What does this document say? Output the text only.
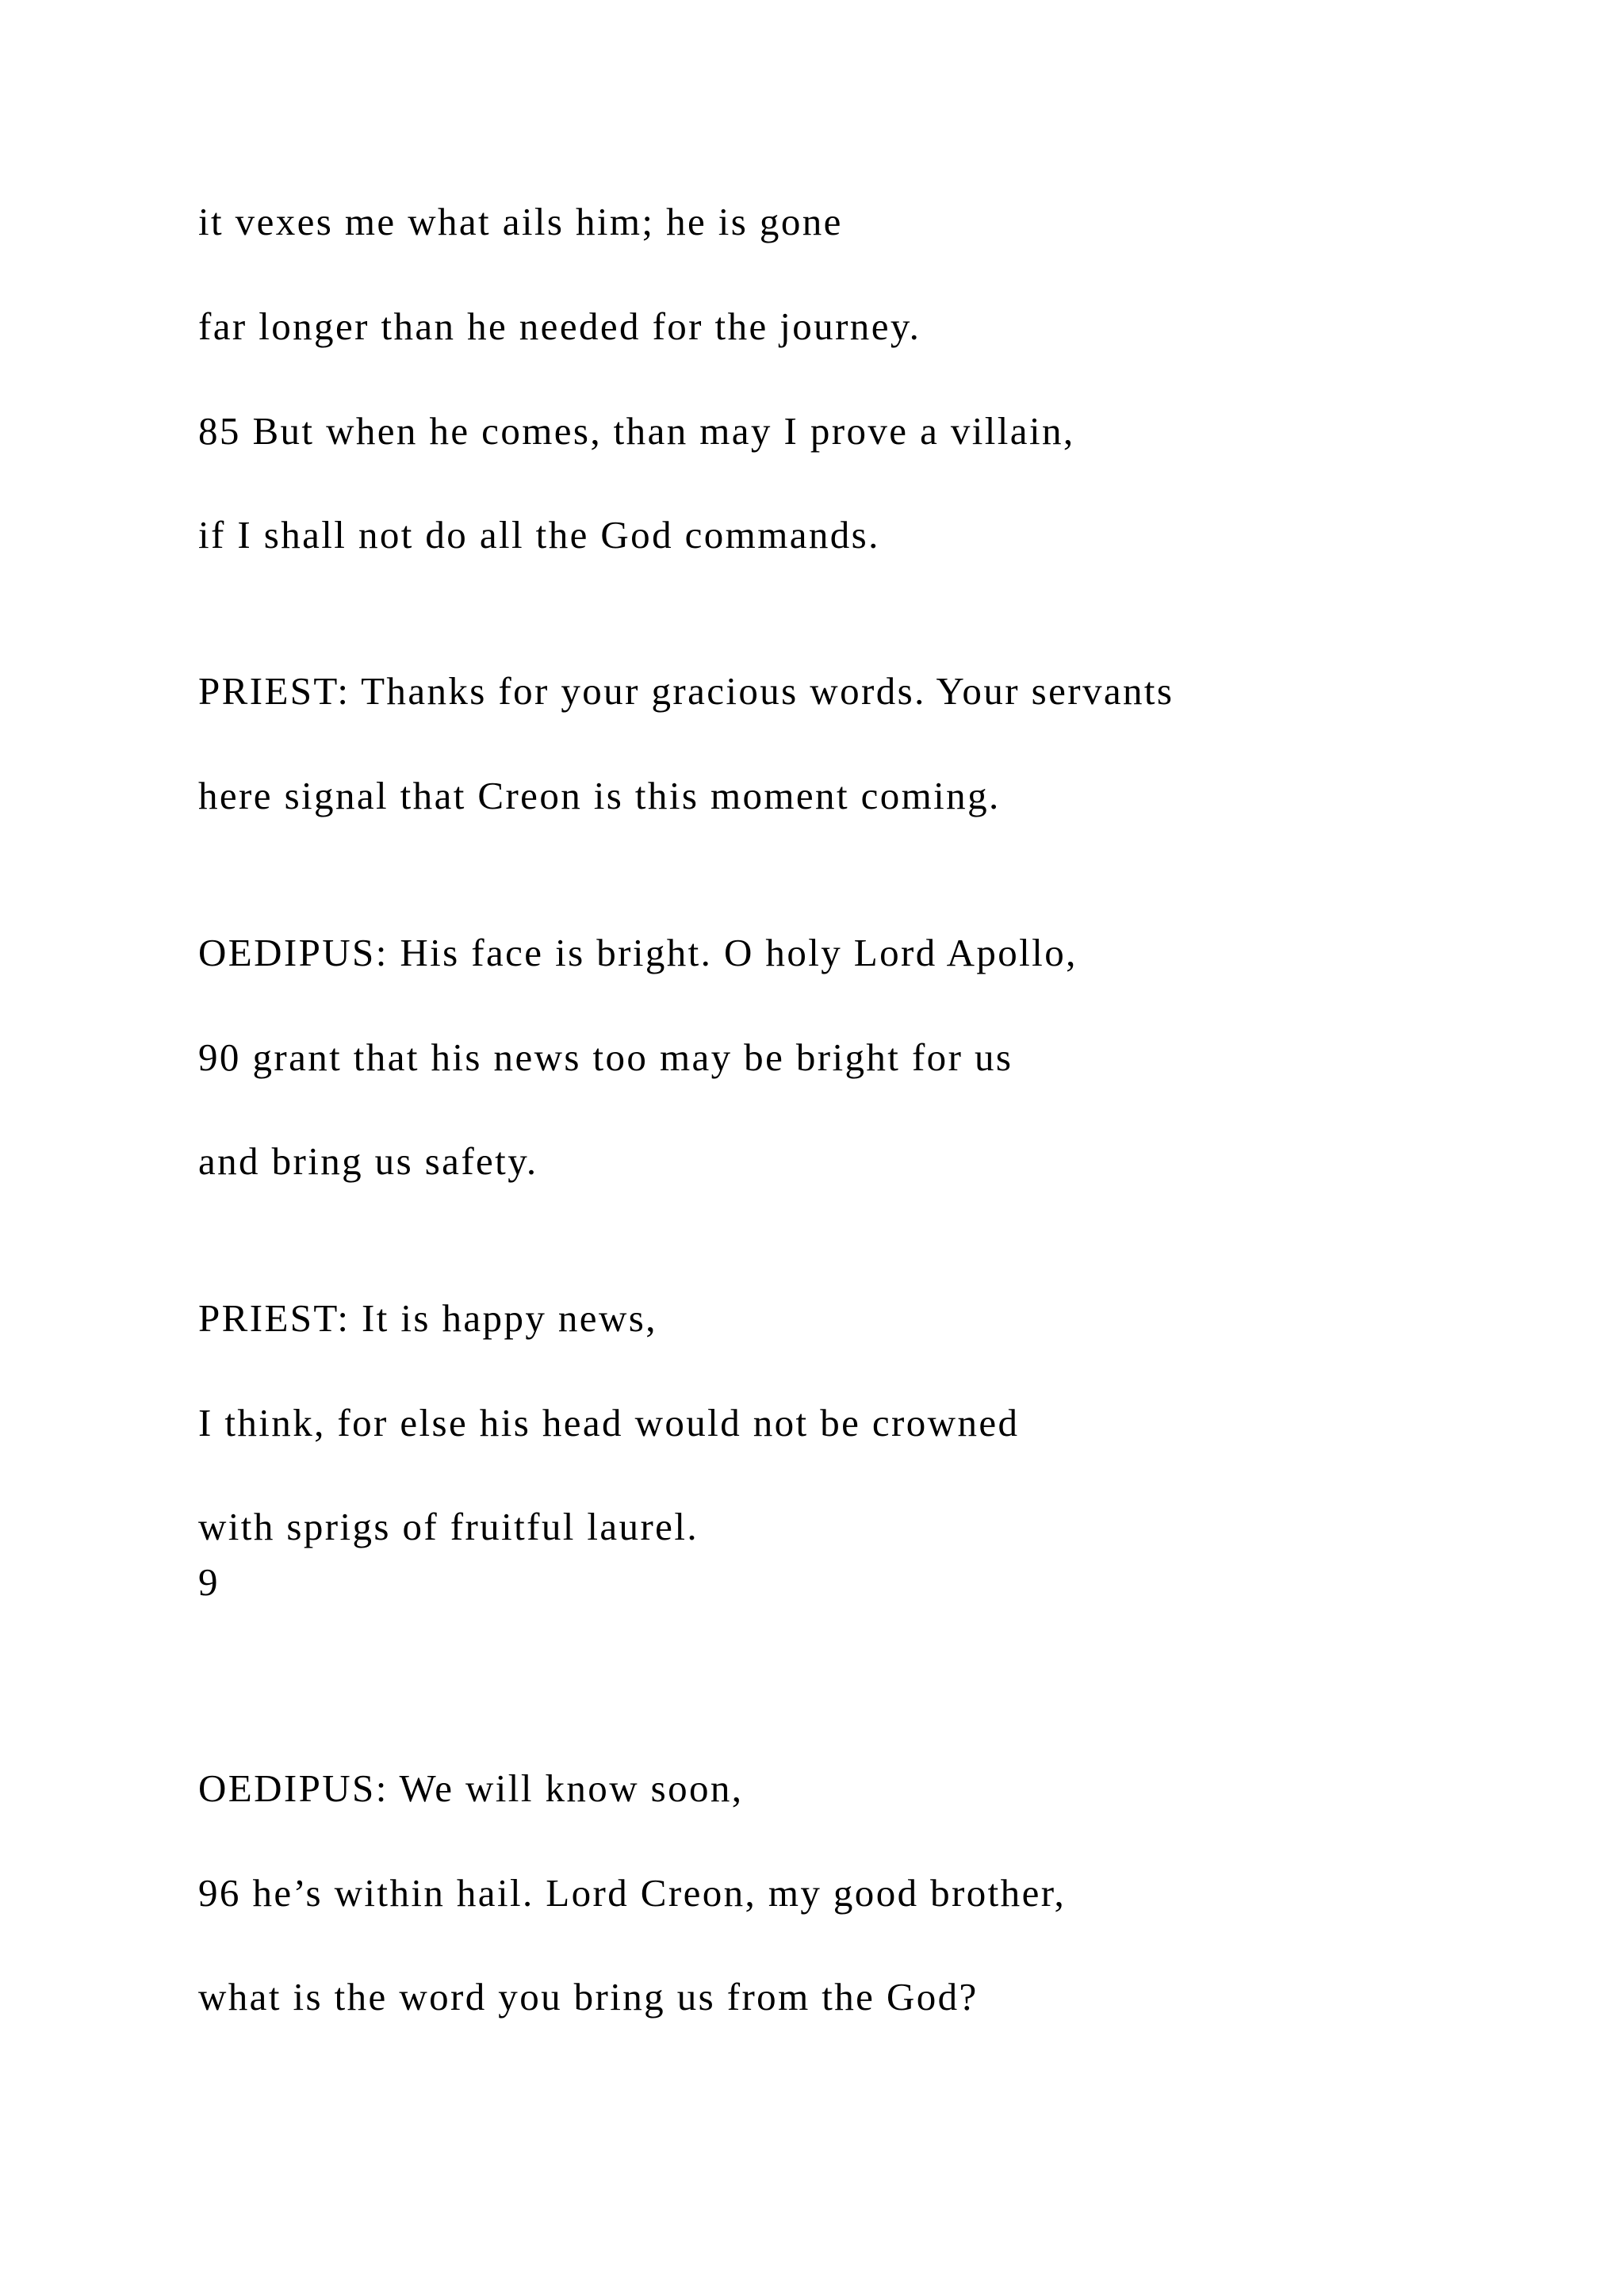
it vexes me what ails him; he is gone
far longer than he needed for the journey.
85 But when he comes, than may I prove a villain,
if I shall not do all the God commands.
PRIEST: Thanks for your gracious words. Your servants
here signal that Creon is this moment coming.
OEDIPUS: His face is bright. O holy Lord Apollo,
90 grant that his news too may be bright for us
and bring us safety.
PRIEST: It is happy news,
I think, for else his head would not be crowned
with sprigs of fruitful laurel.
9
OEDIPUS: We will know soon,
96 he’s within hail. Lord Creon, my good brother,
what is the word you bring us from the God?
